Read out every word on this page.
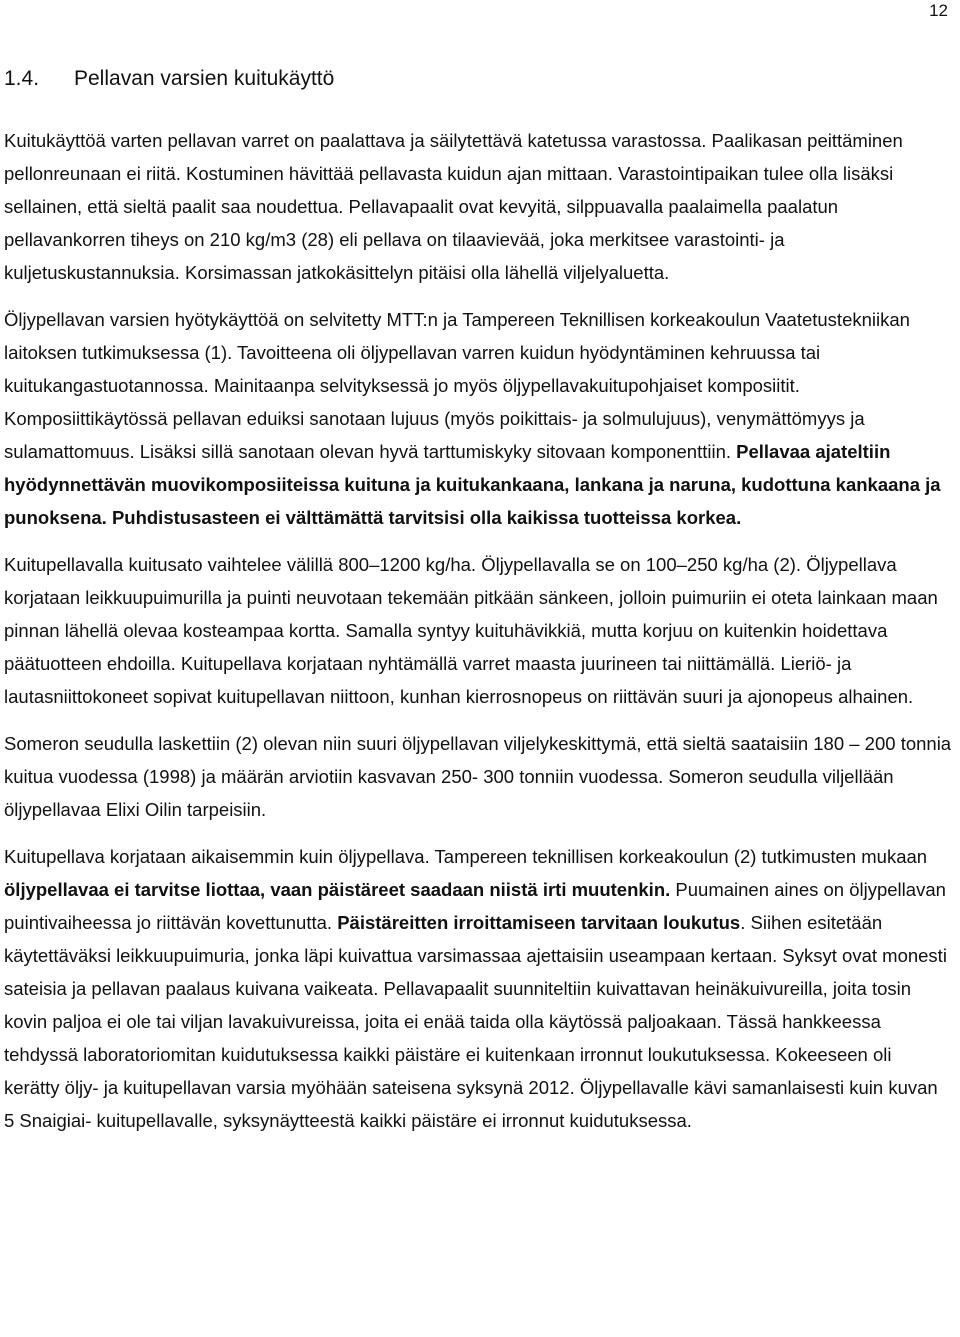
12
1.4. Pellavan varsien kuitukäyttö

Kuitukäyttöä varten pellavan varret on paalattava ja säilytettävä katetussa varastossa. Paalikasan peittäminen pellonreunaan ei riitä. Kostuminen hävittää pellavasta kuidun ajan mittaan. Varastointipaikan tulee olla lisäksi sellainen, että sieltä paalit saa noudettua. Pellavapaalit ovat kevyitä, silppuavalla paalaimella paalatun pellavankorren tiheys on 210 kg/m3 (28) eli pellava on tilaavievää, joka merkitsee varastointi- ja kuljetuskustannuksia. Korsimassan jatkokäsittelyn pitäisi olla lähellä viljelyaluetta.

Öljypellavan varsien hyötykäyttöä on selvitetty MTT:n ja Tampereen Teknillisen korkeakoulun Vaatetustekniikan laitoksen tutkimuksessa (1). Tavoitteena oli öljypellavan varren kuidun hyödyntäminen kehruussa tai kuitukangastuotannossa. Mainitaanpa selvityksessä jo myös öljypellavakuitupohjaiset komposiitit. Komposiittikäytössä pellavan eduiksi sanotaan lujuus (myös poikittais- ja solmulujuus), venymättömyys ja sulamattomuus. Lisäksi sillä sanotaan olevan hyvä tarttumiskyky sitovaan komponenttiin. Pellavaa ajateltiin hyödynnettävän muovikomposiiteissa kuituna ja kuitukankaana, lankana ja naruna, kudottuna kankaana ja punoksena. Puhdistusasteen ei välttämättä tarvitsisi olla kaikissa tuotteissa korkea.

Kuitupellavalla kuitusato vaihtelee välillä 800–1200 kg/ha. Öljypellavalla se on 100–250 kg/ha (2). Öljypellava korjataan leikkuupuimurilla ja puinti neuvotaan tekemään pitkään sänkeen, jolloin puimuriin ei oteta lainkaan maan pinnan lähellä olevaa kosteampaa kortta. Samalla syntyy kuituhävikkiä, mutta korjuu on kuitenkin hoidettava päätuotteen ehdoilla. Kuitupellava korjataan nyhtämällä varret maasta juurineen tai niittämällä. Lieriö- ja lautasniittokoneet sopivat kuitupellavan niittoon, kunhan kierrosnopeus on riittävän suuri ja ajonopeus alhainen.

Someron seudulla laskettiin (2) olevan niin suuri öljypellavan viljelykeskittymä, että sieltä saataisiin 180 – 200 tonnia kuitua vuodessa (1998) ja määrän arviotiin kasvavan 250- 300 tonniin vuodessa. Someron seudulla viljellään öljypellavaa Elixi Oilin tarpeisiin.

Kuitupellava korjataan aikaisemmin kuin öljypellava. Tampereen teknillisen korkeakoulun (2) tutkimusten mukaan öljypellavaa ei tarvitse liottaa, vaan päistäreet saadaan niistä irti muutenkin. Puumainen aines on öljypellavan puintivaiheessa jo riittävän kovettunutta. Päistäreitten irroittamiseen tarvitaan loukutus. Siihen esitetään käytettäväksi leikkuupuimuria, jonka läpi kuivattua varsimassaa ajettaisiin useampaan kertaan. Syksyt ovat monesti sateisia ja pellavan paalaus kuivana vaikeata. Pellavapaalit suunniteltiin kuivattavan heinäkuivureilla, joita tosin kovin paljoa ei ole tai viljan lavakuivureissa, joita ei enää taida olla käytössä paljoakaan. Tässä hankkeessa tehdyssä laboratoriomitan kuidutuksessa kaikki päistäre ei kuitenkaan irronnut loukutuksessa. Kokeeseen oli kerätty öljy- ja kuitupellavan varsia myöhään sateisena syksynä 2012. Öljypellavalle kävi samanlaisesti kuin kuvan 5 Snaigiai- kuitupellavalle, syksynäytteestä kaikki päistäre ei irronnut kuidutuksessa.
